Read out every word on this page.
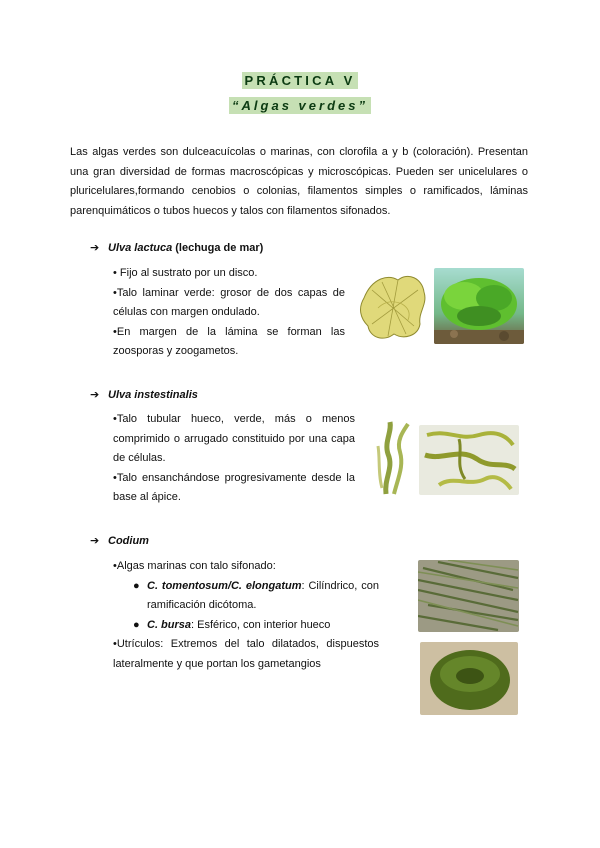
PRÁCTICA V
“Algas verdes”
Las algas verdes son dulceacuícolas o marinas, con clorofila a y b (coloración). Presentan una gran diversidad de formas macroscópicas y microscópicas. Pueden ser unicelulares o pluricelulares,formando cenobios o colonias, filamentos simples o ramificados, láminas parenquimáticos o tubos huecos y talos con filamentos sifonados.
➔ Ulva lactuca (lechuga de mar)
• Fijo al sustrato por un disco.
•Talo laminar verde: grosor de dos capas de células con margen ondulado.
•En margen de la lámina se forman las zoosporas y zoogametos.
➔ Ulva instestinalis
•Talo tubular hueco, verde, más o menos comprimido o arrugado constituido por una capa de células.
•Talo ensanchándose progresivamente desde la base al ápice.
➔ Codium
•Algas marinas con talo sifonado:
● C. tomentosum/C. elongatum: Cilíndrico, con ramificación dicótoma.
● C. bursa: Esférico, con interior hueco
•Utrículos: Extremos del talo dilatados, dispuestos lateralmente y que portan los gametangios
